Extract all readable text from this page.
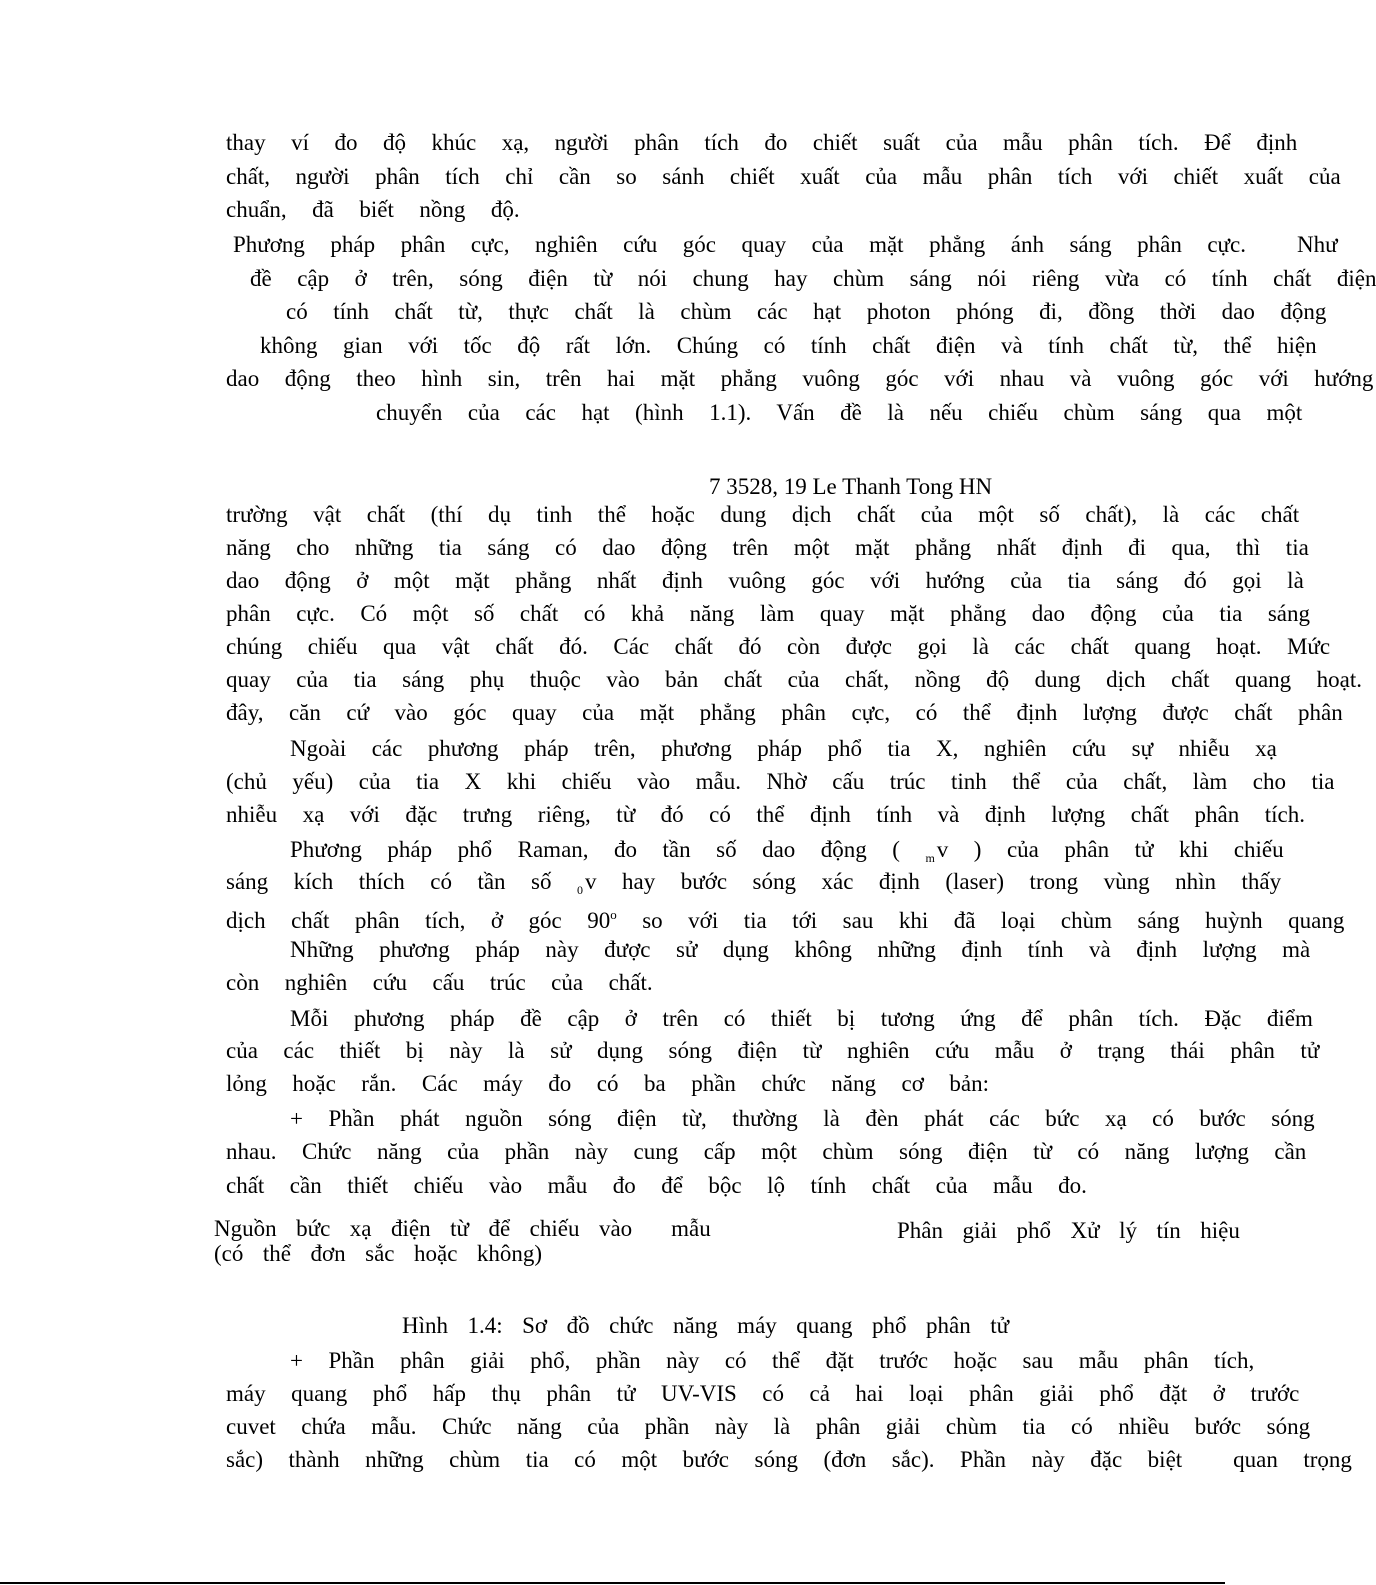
thay  ví  đo  độ  khúc  xạ,  người  phân  tích  đo  chiết  suất  của  mẫu  phân  tích.  Để  định
chất,  người  phân  tích  chỉ  cần  so  sánh  chiết  xuất  của  mẫu  phân  tích  với  chiết  xuất  của
chuẩn,  đã  biết  nồng  độ.
Phương  pháp  phân  cực,  nghiên  cứu  góc  quay  của  mặt  phẳng  ánh  sáng  phân  cực.    Như
đề  cập  ở  trên,  sóng  điện  từ  nói  chung  hay  chùm  sáng  nói  riêng  vừa  có  tính  chất  điện
có  tính  chất  từ,  thực  chất  là  chùm  các  hạt  photon  phóng  đi,  đồng  thời  dao  động
không  gian  với  tốc  độ  rất  lớn.  Chúng  có  tính  chất  điện  và  tính  chất  từ,  thể  hiện
dao  động  theo  hình  sin,  trên  hai  mặt  phẳng  vuông  góc  với  nhau  và  vuông  góc  với  hướng
chuyển  của  các  hạt  (hình  1.1).  Vấn  đề  là  nếu  chiếu  chùm  sáng  qua  một
7 3528, 19 Le Thanh Tong HN
trường  vật  chất  (thí  dụ  tinh  thể  hoặc  dung  dịch  chất  của  một  số  chất),  là  các  chất
năng  cho  những  tia  sáng  có  dao  động  trên  một  mặt  phẳng  nhất  định  đi  qua,  thì  tia
dao  động  ở  một  mặt  phẳng  nhất  định  vuông  góc  với  hướng  của  tia  sáng  đó  gọi  là
phân  cực.  Có  một  số  chất  có  khả  năng  làm  quay  mặt  phẳng  dao  động  của  tia  sáng
chúng  chiếu  qua  vật  chất  đó.  Các  chất  đó  còn  được  gọi  là  các  chất  quang  hoạt.  Mức
quay  của  tia  sáng  phụ  thuộc  vào  bản  chất  của  chất,  nồng  độ  dung  dịch  chất  quang  hoạt.
đây,  căn  cứ  vào  góc  quay  của  mặt  phẳng  phân  cực,  có  thể  định  lượng  được  chất  phân
Ngoài  các  phương  pháp  trên,  phương  pháp  phổ  tia  X,  nghiên  cứu  sự  nhiễu  xạ
(chủ  yếu)  của  tia  X  khi  chiếu  vào  mẫu.  Nhờ  cấu  trúc  tinh  thể  của  chất,  làm  cho  tia
nhiễu  xạ  với  đặc  trưng  riêng,  từ  đó  có  thể  định  tính  và  định  lượng  chất  phân  tích.
Phương  pháp  phổ  Raman,  đo  tần  số  dao  động  (  $_m$v  )  của  phân  tử  khi  chiếu
sáng  kích  thích  có  tần  số  $_0$v  hay  bước  sóng  xác  định  (laser)  trong  vùng  nhìn  thấy
dịch  chất  phân  tích,  ở  góc  90$^o$  so  với  tia  tới  sau  khi  đã  loại  chùm  sáng  huỳnh  quang
Những  phương  pháp  này  được  sử  dụng  không  những  định  tính  và  định  lượng  mà
còn  nghiên  cứu  cấu  trúc  của  chất.
Mỗi  phương  pháp  đề  cập  ở  trên  có  thiết  bị  tương  ứng  để  phân  tích.  Đặc  điểm
của  các  thiết  bị  này  là  sử  dụng  sóng  điện  từ  nghiên  cứu  mẫu  ở  trạng  thái  phân  tử
lỏng  hoặc  rắn.  Các  máy  đo  có  ba  phần  chức  năng  cơ  bản:
+  Phần  phát  nguồn  sóng  điện  từ,  thường  là  đèn  phát  các  bức  xạ  có  bước  sóng
nhau.  Chức  năng  của  phần  này  cung  cấp  một  chùm  sóng  điện  từ  có  năng  lượng  cần
chất  cần  thiết  chiếu  vào  mẫu  đo  để  bộc  lộ  tính  chất  của  mẫu  đo.
Nguồn  bức  xạ  điện  từ  để  chiếu  vào    mẫu
(có  thể  đơn  sắc  hoặc  không)
Phân  giải  phổ  Xử  lý  tín  hiệu
Hình  1.4:  Sơ  đồ  chức  năng  máy  quang  phổ  phân  tử
+  Phần  phân  giải  phổ,  phần  này  có  thể  đặt  trước  hoặc  sau  mẫu  phân  tích,
máy  quang  phổ  hấp  thụ  phân  tử  UV-VIS  có  cả  hai  loại  phân  giải  phổ  đặt  ở  trước
cuvet  chứa  mẫu.  Chức  năng  của  phần  này  là  phân  giải  chùm  tia  có  nhiều  bước  sóng
sắc)  thành  những  chùm  tia  có  một  bước  sóng  (đơn  sắc).  Phần  này  đặc  biệt    quan  trọng
